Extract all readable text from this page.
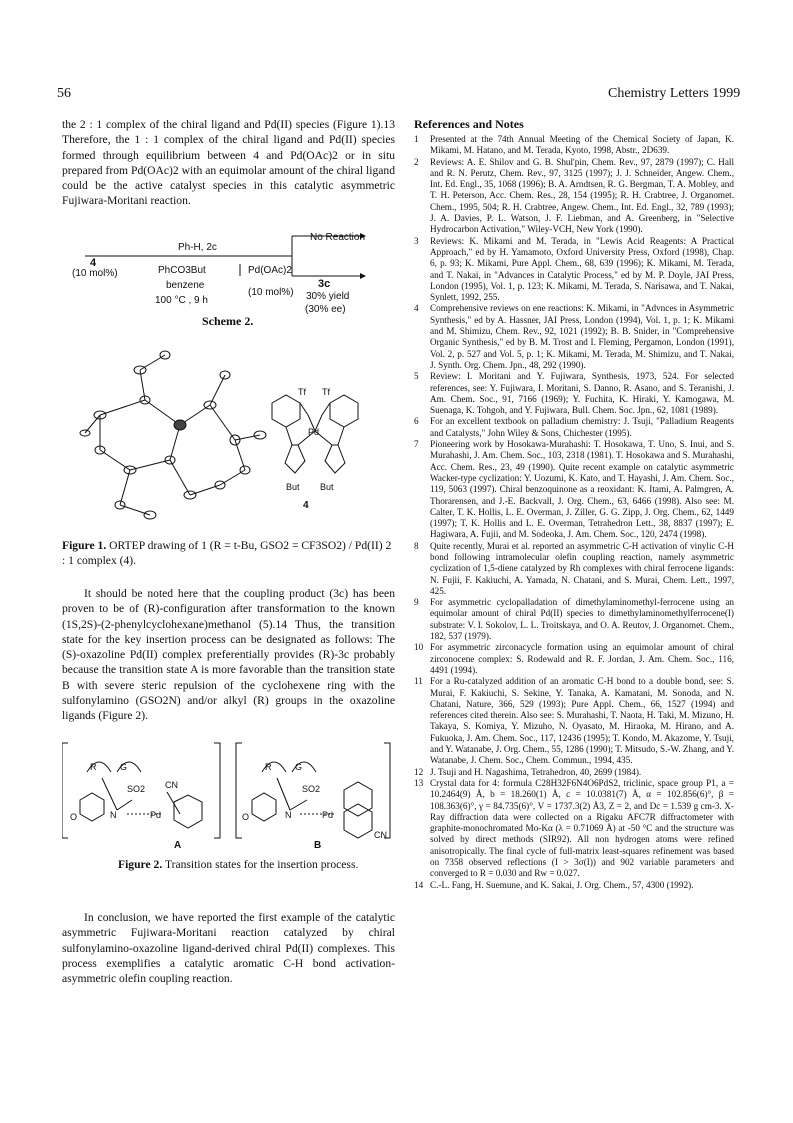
56	Chemistry Letters 1999

the 2 : 1 complex of the chiral ligand and Pd(II) species (Figure 1).13 Therefore, the 1 : 1 complex of the chiral ligand and Pd(II) species formed through equilibrium between 4 and Pd(OAc)2 or in situ prepared from Pd(OAc)2 with an equimolar amount of the chiral ligand could be the active catalyst species in this catalytic asymmetric Fujiwara-Moritani reaction.

Ph-H, 2c
No Reaction
4
(10 mol%)	PhCO3But	Pd(OAc)2
benzene	3c
(10 mol%)
100 °C , 9 h	30% yield
(30% ee)
Scheme 2.
Tf Tf
Pd
But But
4
Figure 1. ORTEP drawing of 1 (R = t-Bu, GSO2 = CF3SO2) / Pd(II) 2 : 1 complex (4).

It should be noted here that the coupling product (3c) has been proven to be of (R)-configuration after transformation to the known (1S,2S)-(2-phenylcyclohexane)methanol (5).14 Thus, the transition state for the key insertion process can be designated as follows: The (S)-oxazoline Pd(II) complex preferentially provides (R)-3c probably because the transition state A is more favorable than the transition state B with severe steric repulsion of the cyclohexene ring with the sulfonylamino (GSO2N) and/or alkyl (R) groups in the oxazoline ligands (Figure 2).

R	G
SO2 CN
O	N	Pd
A
R	G
SO2
O	N	Pd
CN
B
Figure 2. Transition states for the insertion process.

In conclusion, we have reported the first example of the catalytic asymmetric Fujiwara-Moritani reaction catalyzed by chiral sulfonylamino-oxazoline ligand-derived chiral Pd(II) complexes. This process exemplifies a catalytic aromatic C-H bond activation-asymmetric olefin coupling reaction.

References and Notes

1 Presented at the 74th Annual Meeting of the Chemical Society of Japan, K. Mikami, M. Hatano, and M. Terada, Kyoto, 1998, Abstr., 2D639.

2 Reviews: A. E. Shilov and G. B. Shul'pin, Chem. Rev., 97, 2879 (1997); C. Hall and R. N. Perutz, Chem. Rev., 97, 3125 (1997); J. J. Schneider, Angew. Chem., Int. Ed. Engl., 35, 1068 (1996); B. A. Arndtsen, R. G. Bergman, T. A. Mobley, and T. H. Peterson, Acc. Chem. Res., 28, 154 (1995); R. H. Crabtree, J. Organomet. Chem., 1995, 504; R. H. Crabtree, Angew. Chem., Int. Ed. Engl., 32, 789 (1993); J. A. Davies, P. L. Watson, J. F. Liebman, and A. Greenberg, in "Selective Hydrocarbon Activation," Wiley-VCH, New York (1990).

3 Reviews: K. Mikami and M. Terada, in "Lewis Acid Reagents: A Practical Approach," ed by H. Yamamoto, Oxford University Press, Oxford (1998), Chap. 6, p. 93; K. Mikami, Pure Appl. Chem., 68, 639 (1996); K. Mikami, M. Terada, and T. Nakai, in "Advances in Catalytic Process," ed by M. P. Doyle, JAI Press, London (1995), Vol. 1, p. 123; K. Mikami, M. Terada, S. Narisawa, and T. Nakai, Synlett, 1992, 255.

4 Comprehensive reviews on ene reactions: K. Mikami, in "Advnces in Asymmetric Synthesis," ed by A. Hassner, JAI Press, London (1994), Vol. 1, p. 1; K. Mikami and M. Shimizu, Chem. Rev., 92, 1021 (1992); B. B. Snider, in "Comprehensive Organic Synthesis," ed by B. M. Trost and I. Fleming, Pergamon, London (1991), Vol. 2, p. 527 and Vol. 5, p. 1; K. Mikami, M. Terada, M. Shimizu, and T. Nakai, J. Synth. Org. Chem. Jpn., 48, 292 (1990).

5 Review: I. Moritani and Y. Fujiwara, Synthesis, 1973, 524. For selected references, see: Y. Fujiwara, I. Moritani, S. Danno, R. Asano, and S. Teranishi, J. Am. Chem. Soc., 91, 7166 (1969); Y. Fuchita, K. Hiraki, Y. Kamogawa, M. Suenaga, K. Tohgoh, and Y. Fujiwara, Bull. Chem. Soc. Jpn., 62, 1081 (1989).

6 For an excellent textbook on palladium chemistry: J. Tsuji, "Palladium Reagents and Catalysts," John Wiley & Sons, Chichester (1995).

7 Pioneering work by Hosokawa-Murahashi: T. Hosokawa, T. Uno, S. Inui, and S. Murahashi, J. Am. Chem. Soc., 103, 2318 (1981). T. Hosokawa and S. Murahashi, Acc. Chem. Res., 23, 49 (1990). Quite recent example on catalytic asymmetric Wacker-type cyclization: Y. Uozumi, K. Kato, and T. Hayashi, J. Am. Chem. Soc., 119, 5063 (1997). Chiral benzoquinone as a reoxidant: K. Itami, A. Palmgren, A. Thorarensen, and J.-E. Backvall, J. Org. Chem., 63, 6466 (1998). Also see: M. Calter, T. K. Hollis, L. E. Overman, J. Ziller, G. G. Zipp, J. Org. Chem., 62, 1449 (1997); T. K. Hollis and L. E. Overman, Tetrahedron Lett., 38, 8837 (1997); E. Hagiwara, A. Fujii, and M. Sodeoka, J. Am. Chem. Soc., 120, 2474 (1998).

8 Quite recently, Murai et al. reported an asymmetric C-H activation of vinylic C-H bond following intramolecular olefin coupling reaction, namely asymmetric cyclization of 1,5-diene catalyzed by Rh complexes with chiral ferrocene ligands: N. Fujii, F. Kakiuchi, A. Yamada, N. Chatani, and S. Murai, Chem. Lett., 1997, 425.

9 For asymmetric cyclopalladation of dimethylaminomethyl-ferrocene using an equimolar amount of chiral Pd(II) species to dimethylaminomethylferrocene(I) substrate: V. I. Sokolov, L. L. Troitskaya, and O. A. Reutov, J. Organomet. Chem., 182, 537 (1979).

10 For asymmetric zirconacycle formation using an equimolar amount of chiral zirconocene complex: S. Rodewald and R. F. Jordan, J. Am. Chem. Soc., 116, 4491 (1994).

11 For a Ru-catalyzed addition of an aromatic C-H bond to a double bond, see: S. Murai, F. Kakiuchi, S. Sekine, Y. Tanaka, A. Kamatani, M. Sonoda, and N. Chatani, Nature, 366, 529 (1993); Pure Appl. Chem., 66, 1527 (1994) and references cited therein. Also see: S. Murahashi, T. Naota, H. Taki, M. Mizuno, H. Takaya, S. Komiya, Y. Mizuho, N. Oyasato, M. Hiraoka, M. Hirano, and A. Fukuoka, J. Am. Chem. Soc., 117, 12436 (1995); T. Kondo, M. Akazome, Y. Tsuji, and Y. Watanabe, J. Org. Chem., 55, 1286 (1990); T. Mitsudo, S.-W. Zhang, and Y. Watanabe, J. Chem. Soc., Chem. Commun., 1994, 435.

12 J. Tsuji and H. Nagashima, Tetrahedron, 40, 2699 (1984).

13 Crystal data for 4: formula C28H32F6N4O6PdS2, triclinic, space group P1, a = 10.2464(9) Å, b = 18.260(1) Å, c = 10.0381(7) Å, α = 102.856(6)°, β = 108.363(6)°, γ = 84.735(6)°, V = 1737.3(2) Å3, Z = 2, and Dc = 1.539 g cm-3. X-Ray diffraction data were collected on a Rigaku AFC7R diffractometer with graphite-monochromated Mo-Kα (λ = 0.71069 Å) at -50 °C and the structure was solved by direct methods (SIR92). All non hydrogen atoms were refined anisotropically. The final cycle of full-matrix least-squares refinement was based on 7358 observed reflections (I > 3σ(I)) and 902 variable parameters and converged to R = 0.030 and Rw = 0.027.

14 C.-L. Fang, H. Suemune, and K. Sakai, J. Org. Chem., 57, 4300 (1992).
